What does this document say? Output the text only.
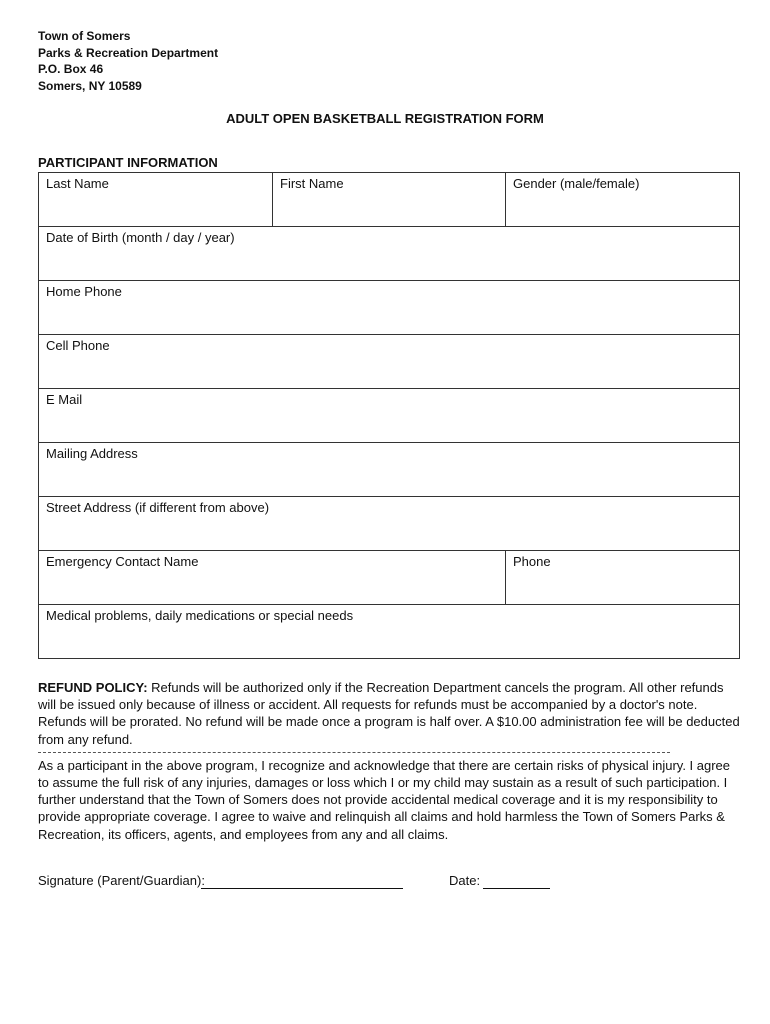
Town of Somers
Parks & Recreation Department
P.O. Box 46
Somers, NY 10589
ADULT OPEN BASKETBALL REGISTRATION FORM
PARTICIPANT INFORMATION
Last Name	First Name	Gender (male/female)
Date of Birth (month / day / year)
Home Phone
Cell Phone
E Mail
Mailing Address
Street Address (if different from above)
Emergency Contact Name	Phone
Medical problems, daily medications or special needs
REFUND POLICY: Refunds will be authorized only if the Recreation Department cancels the program. All other refunds will be issued only because of illness or accident. All requests for refunds must be accompanied by a doctor's note. Refunds will be prorated. No refund will be made once a program is half over. A $10.00 administration fee will be deducted from any refund.
As a participant in the above program, I recognize and acknowledge that there are certain risks of physical injury. I agree to assume the full risk of any injuries, damages or loss which I or my child may sustain as a result of such participation. I further understand that the Town of Somers does not provide accidental medical coverage and it is my responsibility to provide appropriate coverage. I agree to waive and relinquish all claims and hold harmless the Town of Somers Parks & Recreation, its officers, agents, and employees from any and all claims.
Signature (Parent/Guardian):	Date:
